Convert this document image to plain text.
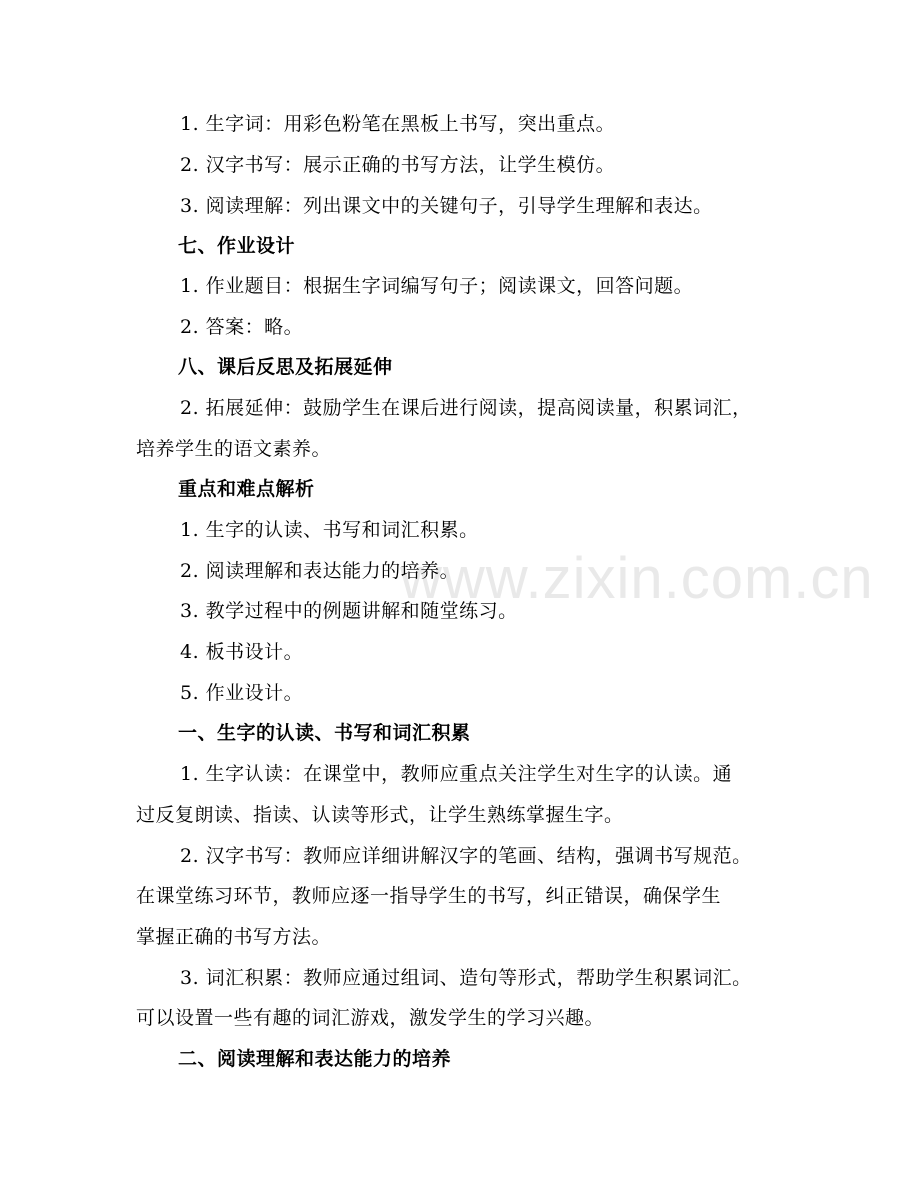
www.zixin.com.cn
1. 生字词：用彩色粉笔在黑板上书写，突出重点。
2. 汉字书写：展示正确的书写方法，让学生模仿。
3. 阅读理解：列出课文中的关键句子，引导学生理解和表达。
七、作业设计
1. 作业题目：根据生字词编写句子；阅读课文，回答问题。
2. 答案：略。
八、课后反思及拓展延伸
2. 拓展延伸：鼓励学生在课后进行阅读，提高阅读量，积累词汇，
培养学生的语文素养。
重点和难点解析
1. 生字的认读、书写和词汇积累。
2. 阅读理解和表达能力的培养。
3. 教学过程中的例题讲解和随堂练习。
4. 板书设计。
5. 作业设计。
一、生字的认读、书写和词汇积累
1. 生字认读：在课堂中，教师应重点关注学生对生字的认读。通
过反复朗读、指读、认读等形式，让学生熟练掌握生字。
2. 汉字书写：教师应详细讲解汉字的笔画、结构，强调书写规范。
在课堂练习环节，教师应逐一指导学生的书写，纠正错误，确保学生
掌握正确的书写方法。
3. 词汇积累：教师应通过组词、造句等形式，帮助学生积累词汇。
可以设置一些有趣的词汇游戏，激发学生的学习兴趣。
二、阅读理解和表达能力的培养
